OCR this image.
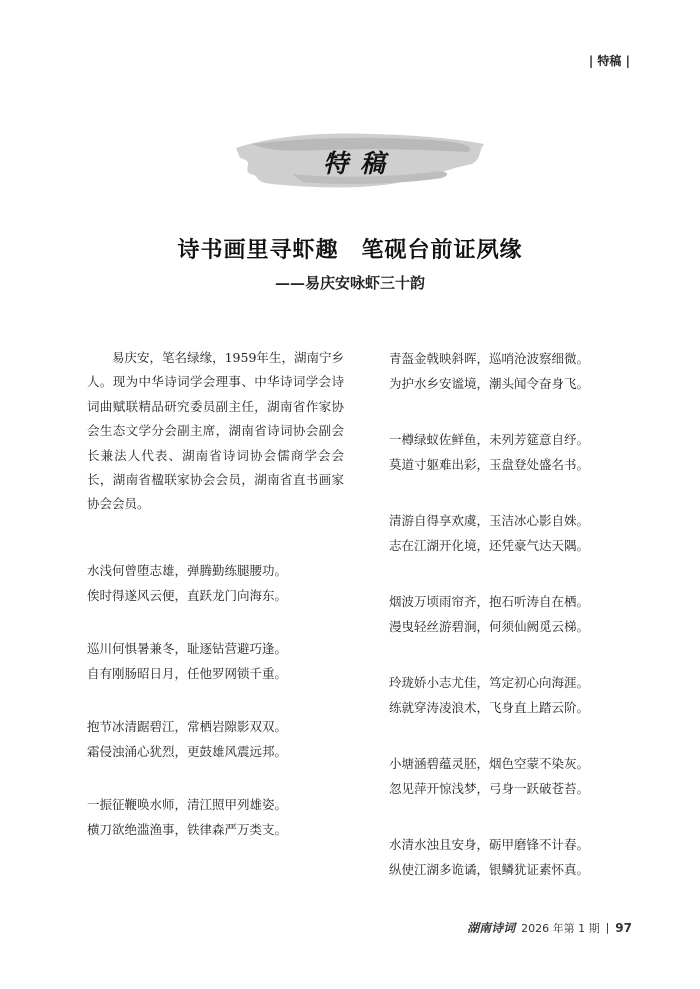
| 特稿 |
特稿
诗书画里寻虾趣　笔砚台前证夙缘
——易庆安咏虾三十韵
易庆安，笔名绿缘，1959年生，湖南宁乡人。现为中华诗词学会理事、中华诗词学会诗词曲赋联精品研究委员副主任，湖南省作家协会生态文学分会副主席，湖南省诗词协会副会长兼法人代表、湖南省诗词协会儒商学会会长，湖南省楹联家协会会员，湖南省直书画家协会会员。
水浅何曾堕志雄，弹腾勤练腿腰功。
俟时得遂风云便，直跃龙门向海东。
巡川何惧暑兼冬，耻逐钻营避巧逢。
自有刚肠昭日月，任他罗网锁千重。
抱节冰清踞碧江，常栖岩隙影双双。
霜侵浊涌心犹烈，更鼓雄风震远邦。
一振征鞭唤水师，清江照甲列雄姿。
横刀欲绝滥渔事，铁律森严万类支。
青盔金戟映斜晖，巡哨沧波察细微。
为护水乡安谧境，潮头闻令奋身飞。
一樽绿蚁佐鲜鱼，未列芳筵意自纾。
莫道寸躯难出彩，玉盘登处盛名书。
清游自得享欢虞，玉洁冰心影自姝。
志在江湖开化境，还凭豪气达天隅。
烟波万顷雨帘齐，抱石听涛自在栖。
漫曳轻丝游碧涧，何须仙阙觅云梯。
玲珑娇小志尤佳，笃定初心向海涯。
练就穿涛凌浪术，飞身直上踏云阶。
小塘涵碧蕴灵胚，烟色空蒙不染灰。
忽见萍开惊浅梦，弓身一跃破苍苔。
水清水浊且安身，砺甲磨锋不计春。
纵使江湖多诡谲，银鳞犹证素怀真。
湖南诗词 2026 年第 1 期 | 97
